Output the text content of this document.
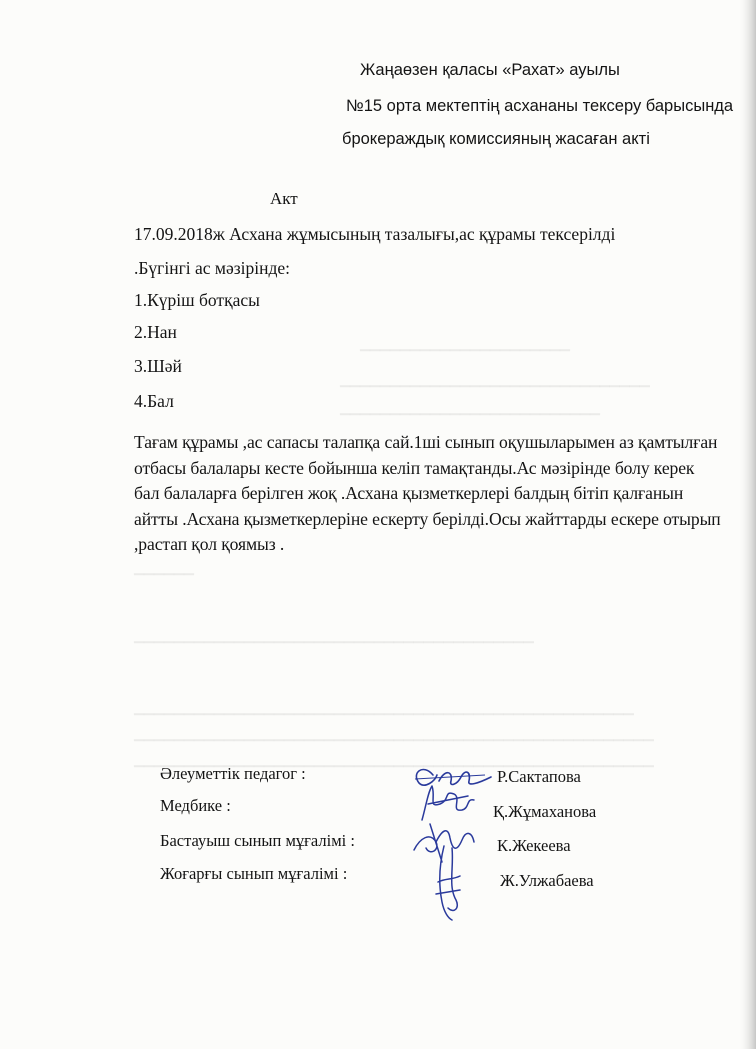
▁▁▁▁▁▁▁▁▁▁▁▁▁▁▁▁▁▁▁▁▁
▁▁▁▁▁▁▁▁▁▁▁▁▁▁▁▁▁▁▁▁▁▁▁▁▁▁▁▁▁▁▁
▁▁▁▁▁▁▁▁▁▁▁▁▁▁▁▁▁▁▁▁▁▁▁▁▁▁
▁▁▁▁▁▁
▁▁▁▁▁▁▁▁▁▁▁▁▁▁▁▁▁▁▁▁▁▁▁▁▁▁▁▁▁▁▁▁▁▁▁▁▁▁▁▁
▁▁▁▁▁▁▁▁▁▁▁▁▁▁▁▁▁▁▁▁▁▁▁▁▁▁▁▁▁▁▁▁▁▁▁▁▁▁▁▁▁▁▁▁▁▁▁▁▁▁
▁▁▁▁▁▁▁▁▁▁▁▁▁▁▁▁▁▁▁▁▁▁▁▁▁▁▁▁▁▁▁▁▁▁▁▁▁▁▁▁▁▁▁▁▁▁▁▁▁▁▁▁
▁▁▁▁▁▁▁▁▁▁▁▁▁▁▁▁▁▁▁▁▁▁▁▁▁▁▁▁▁▁▁▁▁▁▁▁▁▁▁▁▁▁▁▁▁▁▁▁▁▁▁▁
Жаңаөзен қаласы «Рахат» ауылы
№15 орта мектептің асхананы тексеру барысында
брокераждық комиссияның жасаған акті
Акт
17.09.2018ж Асхана жұмысының тазалығы,ас құрамы тексерілді
.Бүгінгі ас мәзірінде:
1.Күріш ботқасы
2.Нан
3.Шәй
4.Бал
Тағам құрамы ,ас сапасы талапқа сай.1ші сынып оқушыларымен аз қамтылған отбасы балалары кесте бойынша келіп тамақтанды.Ас мәзірінде болу керек бал балаларға берілген жоқ .Асхана қызметкерлері балдың бітіп қалғанын айтты .Асхана қызметкерлеріне ескерту берілді.Осы жайттарды ескере отырып ,растап қол қоямыз .
Әлеуметтік педагог :	Р.Сактапова
Медбике :	Қ.Жұмаханова
Бастауыш сынып мұғалімі :	К.Жекеева
Жоғарғы сынып мұғалімі :	Ж.Улжабаева
